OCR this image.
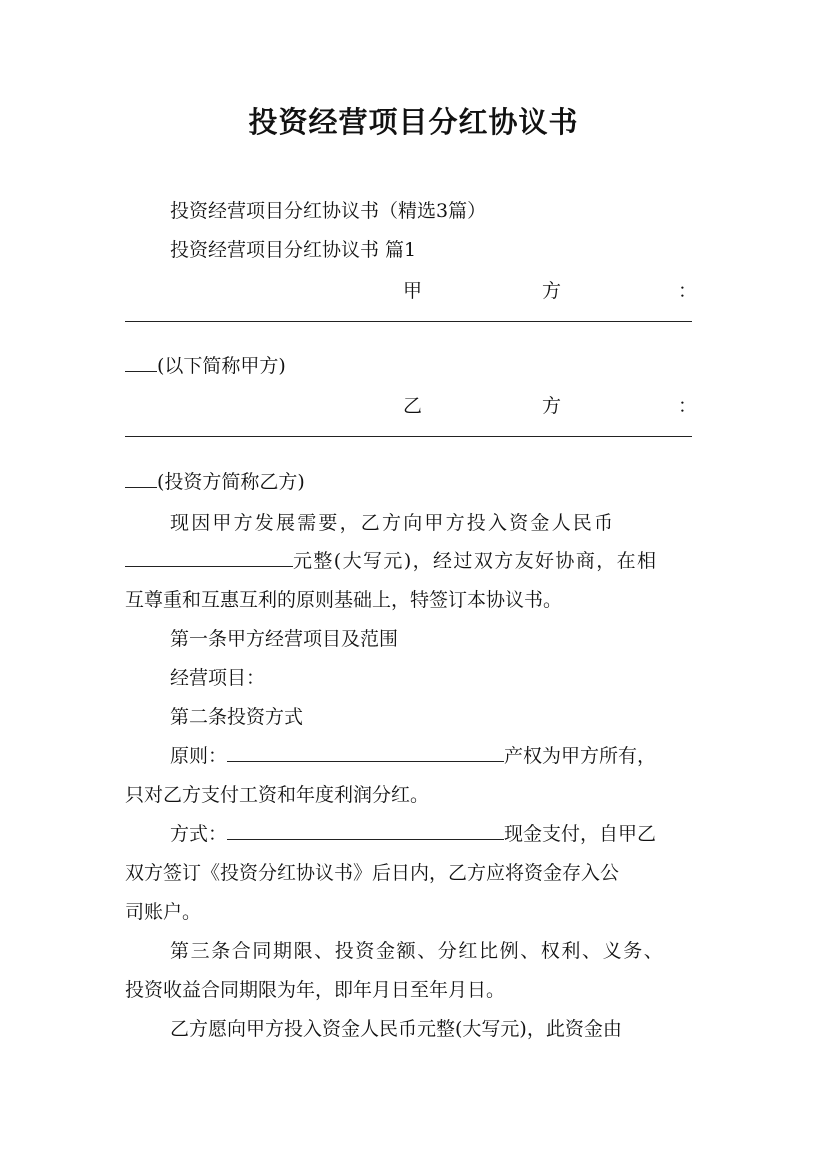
投资经营项目分红协议书
投资经营项目分红协议书（精选3篇）
投资经营项目分红协议书 篇1
甲	方	：
(以下简称甲方)
乙	方	：
(投资方简称乙方)
现因甲方发展需要，乙方向甲方投入资金人民币
元整(大写元)，经过双方友好协商，在相
互尊重和互惠互利的原则基础上，特签订本协议书。
第一条甲方经营项目及范围
经营项目：
第二条投资方式
原则：	产权为甲方所有，
只对乙方支付工资和年度利润分红。
方式：	现金支付，自甲乙
双方签订《投资分红协议书》后日内，乙方应将资金存入公
司账户。
第三条合同期限、投资金额、分红比例、权利、义务、
投资收益合同期限为年，即年月日至年月日。
乙方愿向甲方投入资金人民币元整(大写元)，此资金由
